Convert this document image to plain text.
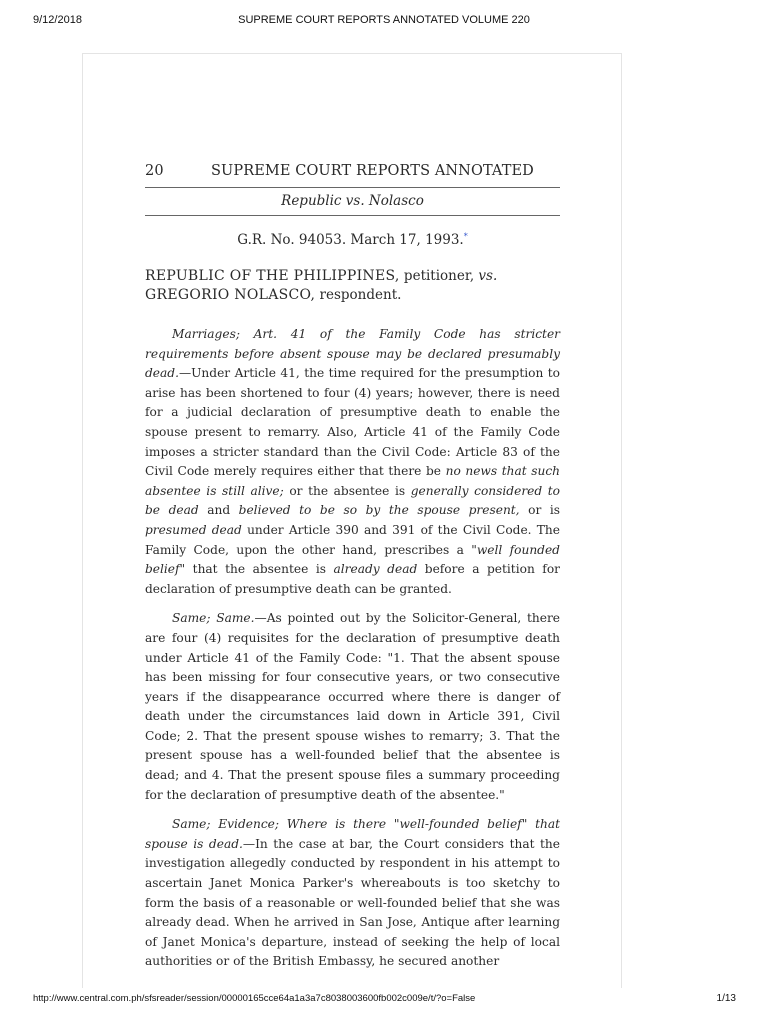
9/12/2018	SUPREME COURT REPORTS ANNOTATED VOLUME 220
20	SUPREME COURT REPORTS ANNOTATED
Republic vs. Nolasco
G.R. No. 94053. March 17, 1993.*
REPUBLIC OF THE PHILIPPINES, petitioner, vs.
GREGORIO NOLASCO, respondent.

Marriages; Art. 41 of the Family Code has stricter requirements before absent spouse may be declared presumably dead.—Under Article 41, the time required for the presumption to arise has been shortened to four (4) years; however, there is need for a judicial declaration of presumptive death to enable the spouse present to remarry. Also, Article 41 of the Family Code imposes a stricter standard than the Civil Code: Article 83 of the Civil Code merely requires either that there be no news that such absentee is still alive; or the absentee is generally considered to be dead and believed to be so by the spouse present, or is presumed dead under Article 390 and 391 of the Civil Code. The Family Code, upon the other hand, prescribes a "well founded belief" that the absentee is already dead before a petition for declaration of presumptive death can be granted.

Same; Same.—As pointed out by the Solicitor-General, there are four (4) requisites for the declaration of presumptive death under Article 41 of the Family Code: "1. That the absent spouse has been missing for four consecutive years, or two consecutive years if the disappearance occurred where there is danger of death under the circumstances laid down in Article 391, Civil Code; 2. That the present spouse wishes to remarry; 3. That the present spouse has a well-founded belief that the absentee is dead; and 4. That the present spouse files a summary proceeding for the declaration of presumptive death of the absentee."

Same; Evidence; Where is there "well-founded belief" that spouse is dead.—In the case at bar, the Court considers that the investigation allegedly conducted by respondent in his attempt to ascertain Janet Monica Parker's whereabouts is too sketchy to form the basis of a reasonable or well-founded belief that she was already dead. When he arrived in San Jose, Antique after learning of Janet Monica's departure, instead of seeking the help of local authorities or of the British Embassy, he secured another

http://www.central.com.ph/sfsreader/session/00000165cce64a1a3a7c8038003600fb002c009e/t/?o=False	1/13
